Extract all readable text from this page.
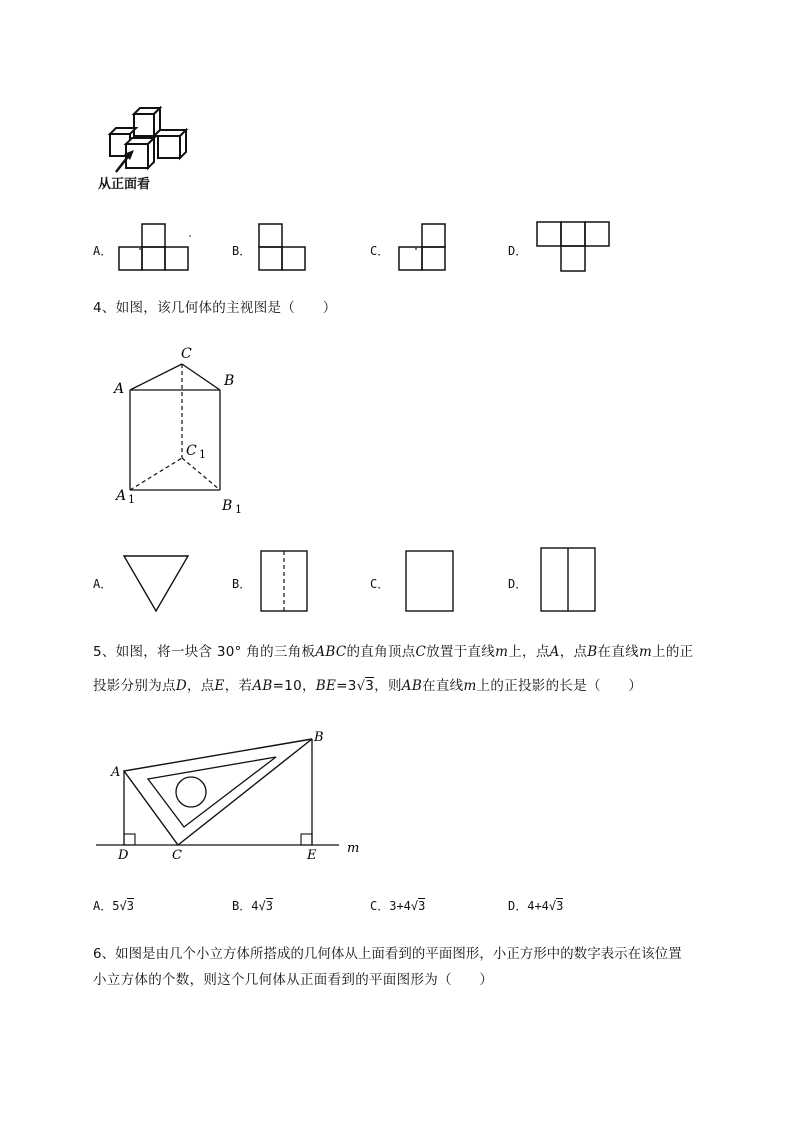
从正面看
A．	B．	C．	D．
4、如图，该几何体的主视图是（　　）
C
B
A
C 1
A 1	B 1
A．	B．	C．	D．
5、如图，将一块含 30° 角的三角板ABC的直角顶点C放置于直线m上，点A，点B在直线m上的正
投影分别为点D，点E，若AB=10，BE=3√3，则AB在直线m上的正投影的长是（　　）
A
B
C
D	E m
A．5√3	B．4√3	C．3+4√3	D．4+4√3
6、如图是由几个小立方体所搭成的几何体从上面看到的平面图形，小正方形中的数字表示在该位置
小立方体的个数，则这个几何体从正面看到的平面图形为（　　）
